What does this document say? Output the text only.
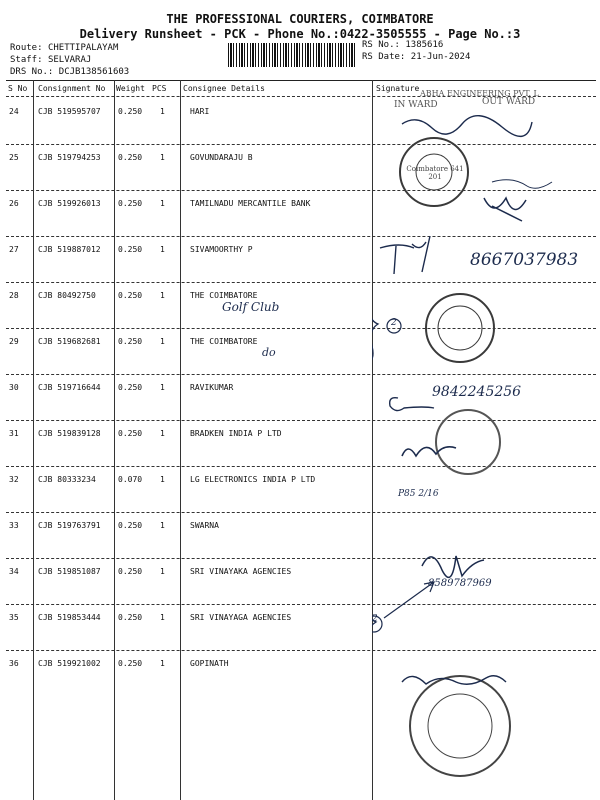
THE PROFESSIONAL COURIERS, COIMBATORE
Delivery Runsheet - PCK - Phone No.:0422-3505555 - Page No.:3
Route: CHETTIPALAYAM
Staff: SELVARAJ
DRS No.: DCJB138561603
RS No.: 1385616
RS Date: 21-Jun-2024
S No Consignment No Weight PCS Consignee Details	Signature
24 CJB 519595707 0.250 1	HARI
25 CJB 519794253 0.250 1	GOVUNDARAJU B
26 CJB 519926013 0.250 1	TAMILNADU MERCANTILE BANK
27 CJB 519887012 0.250 1	SIVAMOORTHY P
28 CJB 80492750	0.250 1	THE COIMBATORE
29 CJB 519682681 0.250 1	THE COIMBATORE
30 CJB 519716644 0.250 1	RAVIKUMAR
31 CJB 519839128 0.250 1	BRADKEN INDIA P LTD
32 CJB 80333234	0.070 1	LG ELECTRONICS INDIA P LTD
33 CJB 519763791 0.250 1	SWARNA
34 CJB 519851087 0.250 1	SRI VINAYAKA AGENCIES
35 CJB 519853444 0.250 1	SRI VINAYAGA AGENCIES
36 CJB 519921002 0.250 1	GOPINATH
IN WARD	OUT WARD
ABHA ENGINEERING PVT. L
Coimbatore 641 201
8667037983
Golf Club
do
2
2
9842245256
P85 2/16
8589787969
